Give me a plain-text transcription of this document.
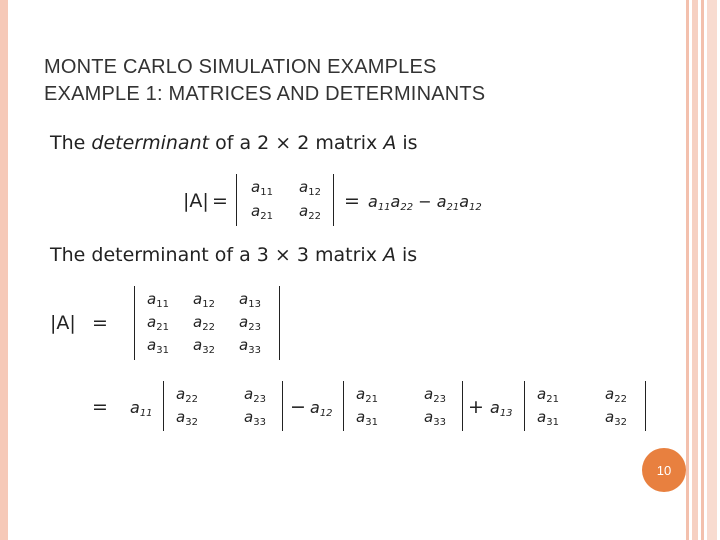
MONTE CARLO SIMULATION EXAMPLES
EXAMPLE 1: MATRICES AND DETERMINANTS
The determinant of a 2 × 2 matrix A is
|A| =
$a_{11}$ $a_{12}$
$a_{21}$ $a_{22}$
= $a_{11}a_{22} - a_{21}a_{12}$
The determinant of a 3 × 3 matrix A is
|A| =
$a_{11}$ $a_{12}$ $a_{13}$
$a_{21}$ $a_{22}$ $a_{23}$
$a_{31}$ $a_{32}$ $a_{33}$
= $a_{11}$
$a_{22}$	$a_{23}$
$a_{32}$	$a_{33}$
− $a_{12}$
$a_{21}$	$a_{23}$
$a_{31}$	$a_{33}$
+ $a_{13}$
$a_{21}$	$a_{22}$
$a_{31}$	$a_{32}$
10
